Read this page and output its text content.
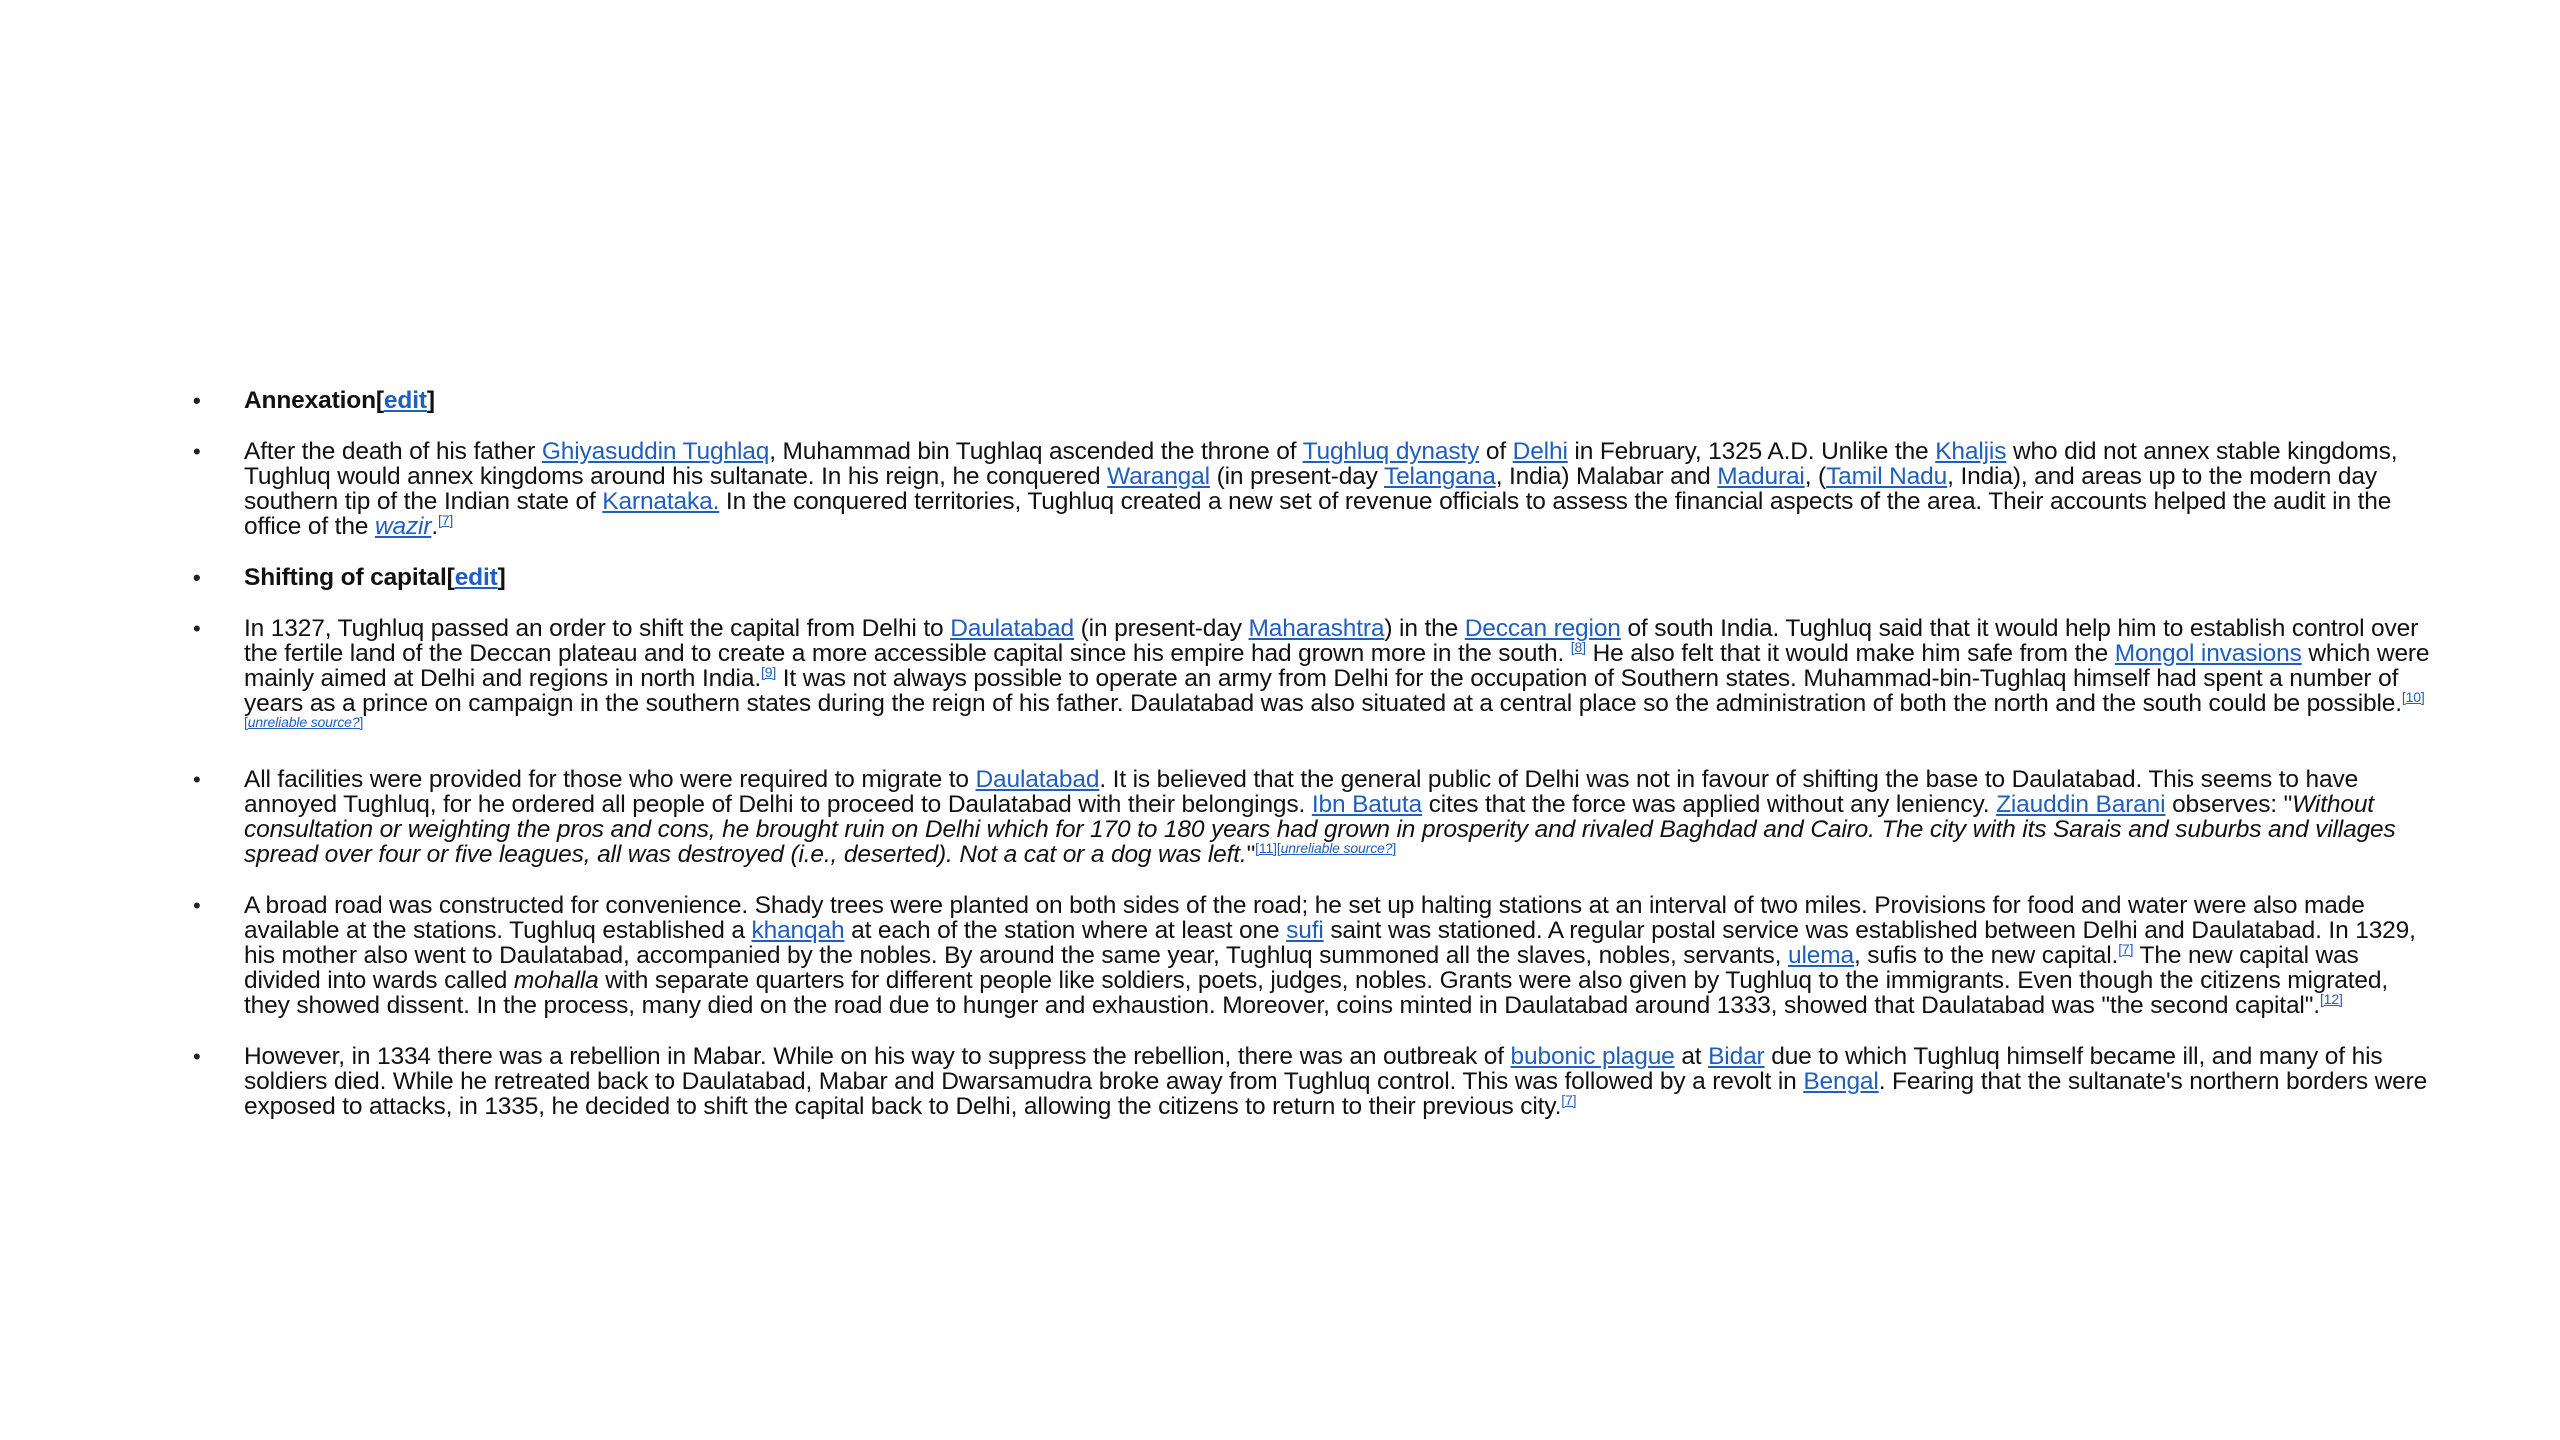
• Annexation[edit]
• After the death of his father Ghiyasuddin Tughlaq, Muhammad bin Tughlaq ascended the throne of Tughluq dynasty of Delhi in February, 1325 A.D. Unlike the Khaljis who did not annex stable kingdoms, Tughluq would annex kingdoms around his sultanate. In his reign, he conquered Warangal (in present-day Telangana, India) Malabar and Madurai, (Tamil Nadu, India), and areas up to the modern day southern tip of the Indian state of Karnataka. In the conquered territories, Tughluq created a new set of revenue officials to assess the financial aspects of the area. Their accounts helped the audit in the office of the wazir.[7]
• Shifting of capital[edit]
• In 1327, Tughluq passed an order to shift the capital from Delhi to Daulatabad (in present-day Maharashtra) in the Deccan region of south India. Tughluq said that it would help him to establish control over the fertile land of the Deccan plateau and to create a more accessible capital since his empire had grown more in the south. [8] He also felt that it would make him safe from the Mongol invasions which were mainly aimed at Delhi and regions in north India.[9] It was not always possible to operate an army from Delhi for the occupation of Southern states. Muhammad-bin-Tughlaq himself had spent a number of years as a prince on campaign in the southern states during the reign of his father. Daulatabad was also situated at a central place so the administration of both the north and the south could be possible.[10][unreliable source?]
• All facilities were provided for those who were required to migrate to Daulatabad. It is believed that the general public of Delhi was not in favour of shifting the base to Daulatabad. This seems to have annoyed Tughluq, for he ordered all people of Delhi to proceed to Daulatabad with their belongings. Ibn Batuta cites that the force was applied without any leniency. Ziauddin Barani observes: "Without consultation or weighting the pros and cons, he brought ruin on Delhi which for 170 to 180 years had grown in prosperity and rivaled Baghdad and Cairo. The city with its Sarais and suburbs and villages spread over four or five leagues, all was destroyed (i.e., deserted). Not a cat or a dog was left."[11][unreliable source?]
• A broad road was constructed for convenience. Shady trees were planted on both sides of the road; he set up halting stations at an interval of two miles. Provisions for food and water were also made available at the stations. Tughluq established a khanqah at each of the station where at least one sufi saint was stationed. A regular postal service was established between Delhi and Daulatabad. In 1329, his mother also went to Daulatabad, accompanied by the nobles. By around the same year, Tughluq summoned all the slaves, nobles, servants, ulema, sufis to the new capital.[7] The new capital was divided into wards called mohalla with separate quarters for different people like soldiers, poets, judges, nobles. Grants were also given by Tughluq to the immigrants. Even though the citizens migrated, they showed dissent. In the process, many died on the road due to hunger and exhaustion. Moreover, coins minted in Daulatabad around 1333, showed that Daulatabad was "the second capital".[12]
• However, in 1334 there was a rebellion in Mabar. While on his way to suppress the rebellion, there was an outbreak of bubonic plague at Bidar due to which Tughluq himself became ill, and many of his soldiers died. While he retreated back to Daulatabad, Mabar and Dwarsamudra broke away from Tughluq control. This was followed by a revolt in Bengal. Fearing that the sultanate's northern borders were exposed to attacks, in 1335, he decided to shift the capital back to Delhi, allowing the citizens to return to their previous city.[7]
